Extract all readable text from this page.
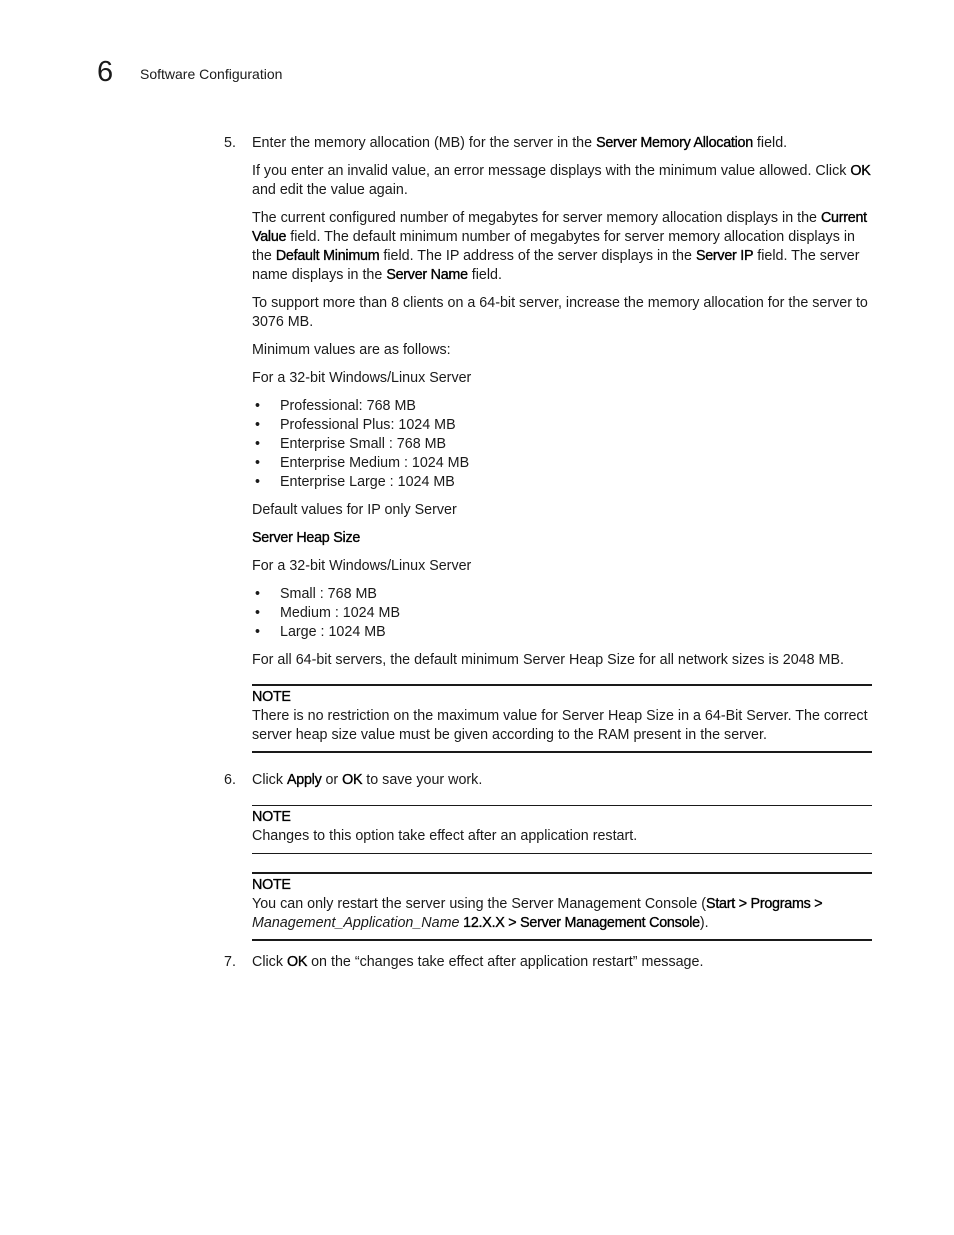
6 Software Configuration
5. Enter the memory allocation (MB) for the server in the Server Memory Allocation field.

If you enter an invalid value, an error message displays with the minimum value allowed. Click OK and edit the value again.

The current configured number of megabytes for server memory allocation displays in the Current Value field. The default minimum number of megabytes for server memory allocation displays in the Default Minimum field. The IP address of the server displays in the Server IP field. The server name displays in the Server Name field.

To support more than 8 clients on a 64-bit server, increase the memory allocation for the server to 3076 MB.

Minimum values are as follows:

For a 32-bit Windows/Linux Server

• Professional: 768 MB
• Professional Plus: 1024 MB
• Enterprise Small : 768 MB
• Enterprise Medium : 1024 MB
• Enterprise Large : 1024 MB

Default values for IP only Server

Server Heap Size

For a 32-bit Windows/Linux Server

• Small : 768 MB
• Medium : 1024 MB
• Large : 1024 MB

For all 64-bit servers, the default minimum Server Heap Size for all network sizes is 2048 MB.

NOTE
There is no restriction on the maximum value for Server Heap Size in a 64-Bit Server. The correct server heap size value must be given according to the RAM present in the server.
6. Click Apply or OK to save your work.

NOTE
Changes to this option take effect after an application restart.
NOTE
You can only restart the server using the Server Management Console (Start > Programs >
Management_Application_Name 12.X.X > Server Management Console).
7. Click OK on the “changes take effect after application restart” message.
